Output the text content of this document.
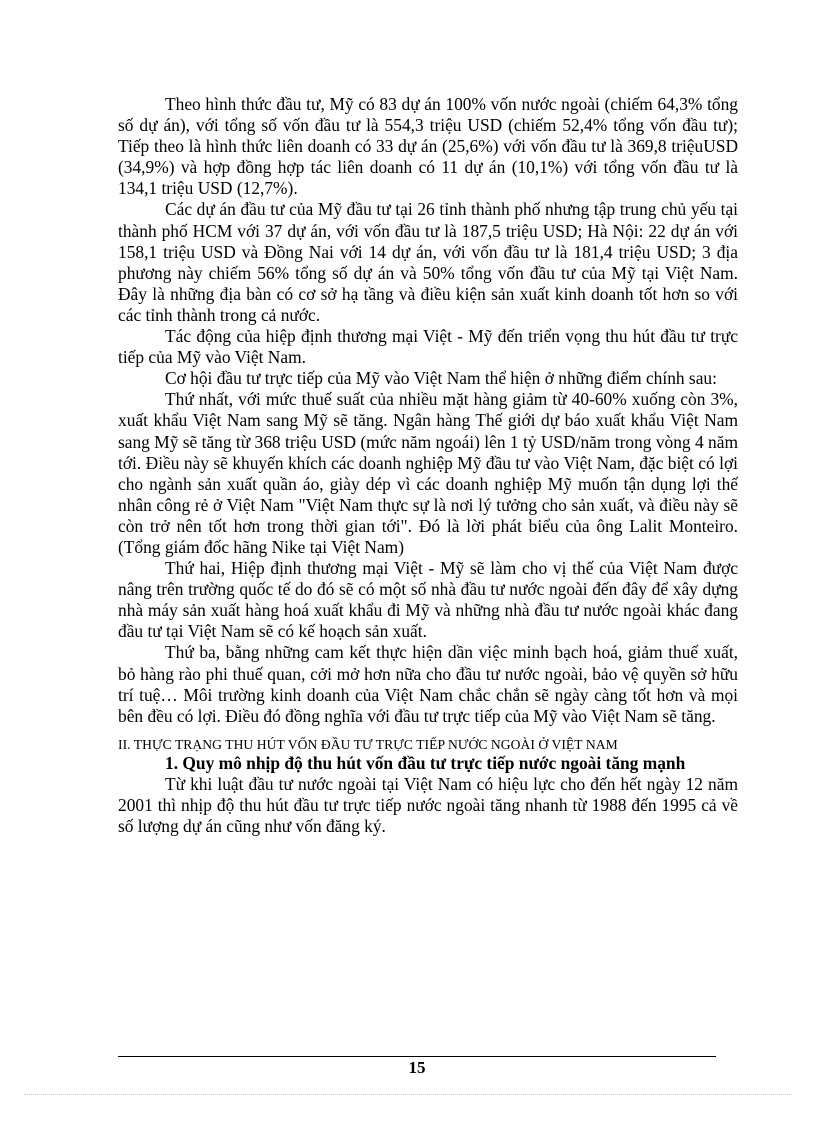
Theo hình thức đầu tư, Mỹ có 83 dự án 100% vốn nước ngoài (chiếm 64,3% tổng số dự án), với tổng số vốn đầu tư là 554,3 triệu USD (chiếm 52,4% tổng vốn đầu tư); Tiếp theo là hình thức liên doanh có 33 dự án (25,6%) với vốn đầu tư là 369,8 triệuUSD (34,9%) và hợp đồng hợp tác liên doanh có 11 dự án (10,1%) với tổng vốn đầu tư là 134,1 triệu USD (12,7%).

Các dự án đầu tư của Mỹ đầu tư tại 26 tỉnh thành phố nhưng tập trung chủ yếu tại thành phố HCM với 37 dự án, với vốn đầu tư là 187,5 triệu USD; Hà Nội: 22 dự án với 158,1 triệu USD và Đồng Nai với 14 dự án, với vốn đầu tư là 181,4 triệu USD; 3 địa phương này chiếm 56% tổng số dự án và 50% tổng vốn đầu tư của Mỹ tại Việt Nam. Đây là những địa bàn có cơ sở hạ tầng và điều kiện sản xuất kinh doanh tốt hơn so với các tỉnh thành trong cả nước.

Tác động của hiệp định thương mại Việt - Mỹ đến triển vọng thu hút đầu tư trực tiếp của Mỹ vào Việt Nam.

Cơ hội đầu tư trực tiếp của Mỹ vào Việt Nam thể hiện ở những điểm chính sau:

Thứ nhất, với mức thuế suất của nhiều mặt hàng giảm từ 40-60% xuống còn 3%, xuất khẩu Việt Nam sang Mỹ sẽ tăng. Ngân hàng Thế giới dự báo xuất khẩu Việt Nam sang Mỹ sẽ tăng từ 368 triệu USD (mức năm ngoái) lên 1 tỷ USD/năm trong vòng 4 năm tới. Điều này sẽ khuyến khích các doanh nghiệp Mỹ đầu tư vào Việt Nam, đặc biệt có lợi cho ngành sản xuất quần áo, giày dép vì các doanh nghiệp Mỹ muốn tận dụng lợi thế nhân công rẻ ở Việt Nam "Việt Nam thực sự là nơi lý tưởng cho sản xuất, và điều này sẽ còn trở nên tốt hơn trong thời gian tới". Đó là lời phát biểu của ông Lalit Monteiro. (Tổng giám đốc hãng Nike tại Việt Nam)

Thứ hai, Hiệp định thương mại Việt - Mỹ sẽ làm cho vị thế của Việt Nam được nâng trên trường quốc tế do đó sẽ có một số nhà đầu tư nước ngoài đến đây để xây dựng nhà máy sản xuất hàng hoá xuất khẩu đi Mỹ và những nhà đầu tư nước ngoài khác đang đầu tư tại Việt Nam sẽ có kế hoạch sản xuất.

Thứ ba, bằng những cam kết thực hiện dần việc minh bạch hoá, giảm thuế xuất, bỏ hàng rào phi thuế quan, cởi mở hơn nữa cho đầu tư nước ngoài, bảo vệ quyền sở hữu trí tuệ… Môi trường kinh doanh của Việt Nam chắc chắn sẽ ngày càng tốt hơn và mọi bên đều có lợi. Điều đó đồng nghĩa với đầu tư trực tiếp của Mỹ vào Việt Nam sẽ tăng.

II. THỰC TRẠNG THU HÚT VỐN ĐẦU TƯ TRỰC TIẾP NƯỚC NGOÀI Ở VIỆT NAM

1. Quy mô nhịp độ thu hút vốn đầu tư trực tiếp nước ngoài tăng mạnh

Từ khi luật đầu tư nước ngoài tại Việt Nam có hiệu lực cho đến hết ngày 12 năm 2001 thì nhịp độ thu hút đầu tư trực tiếp nước ngoài tăng nhanh từ 1988 đến 1995 cả về số lượng dự án cũng như vốn đăng ký.

15
